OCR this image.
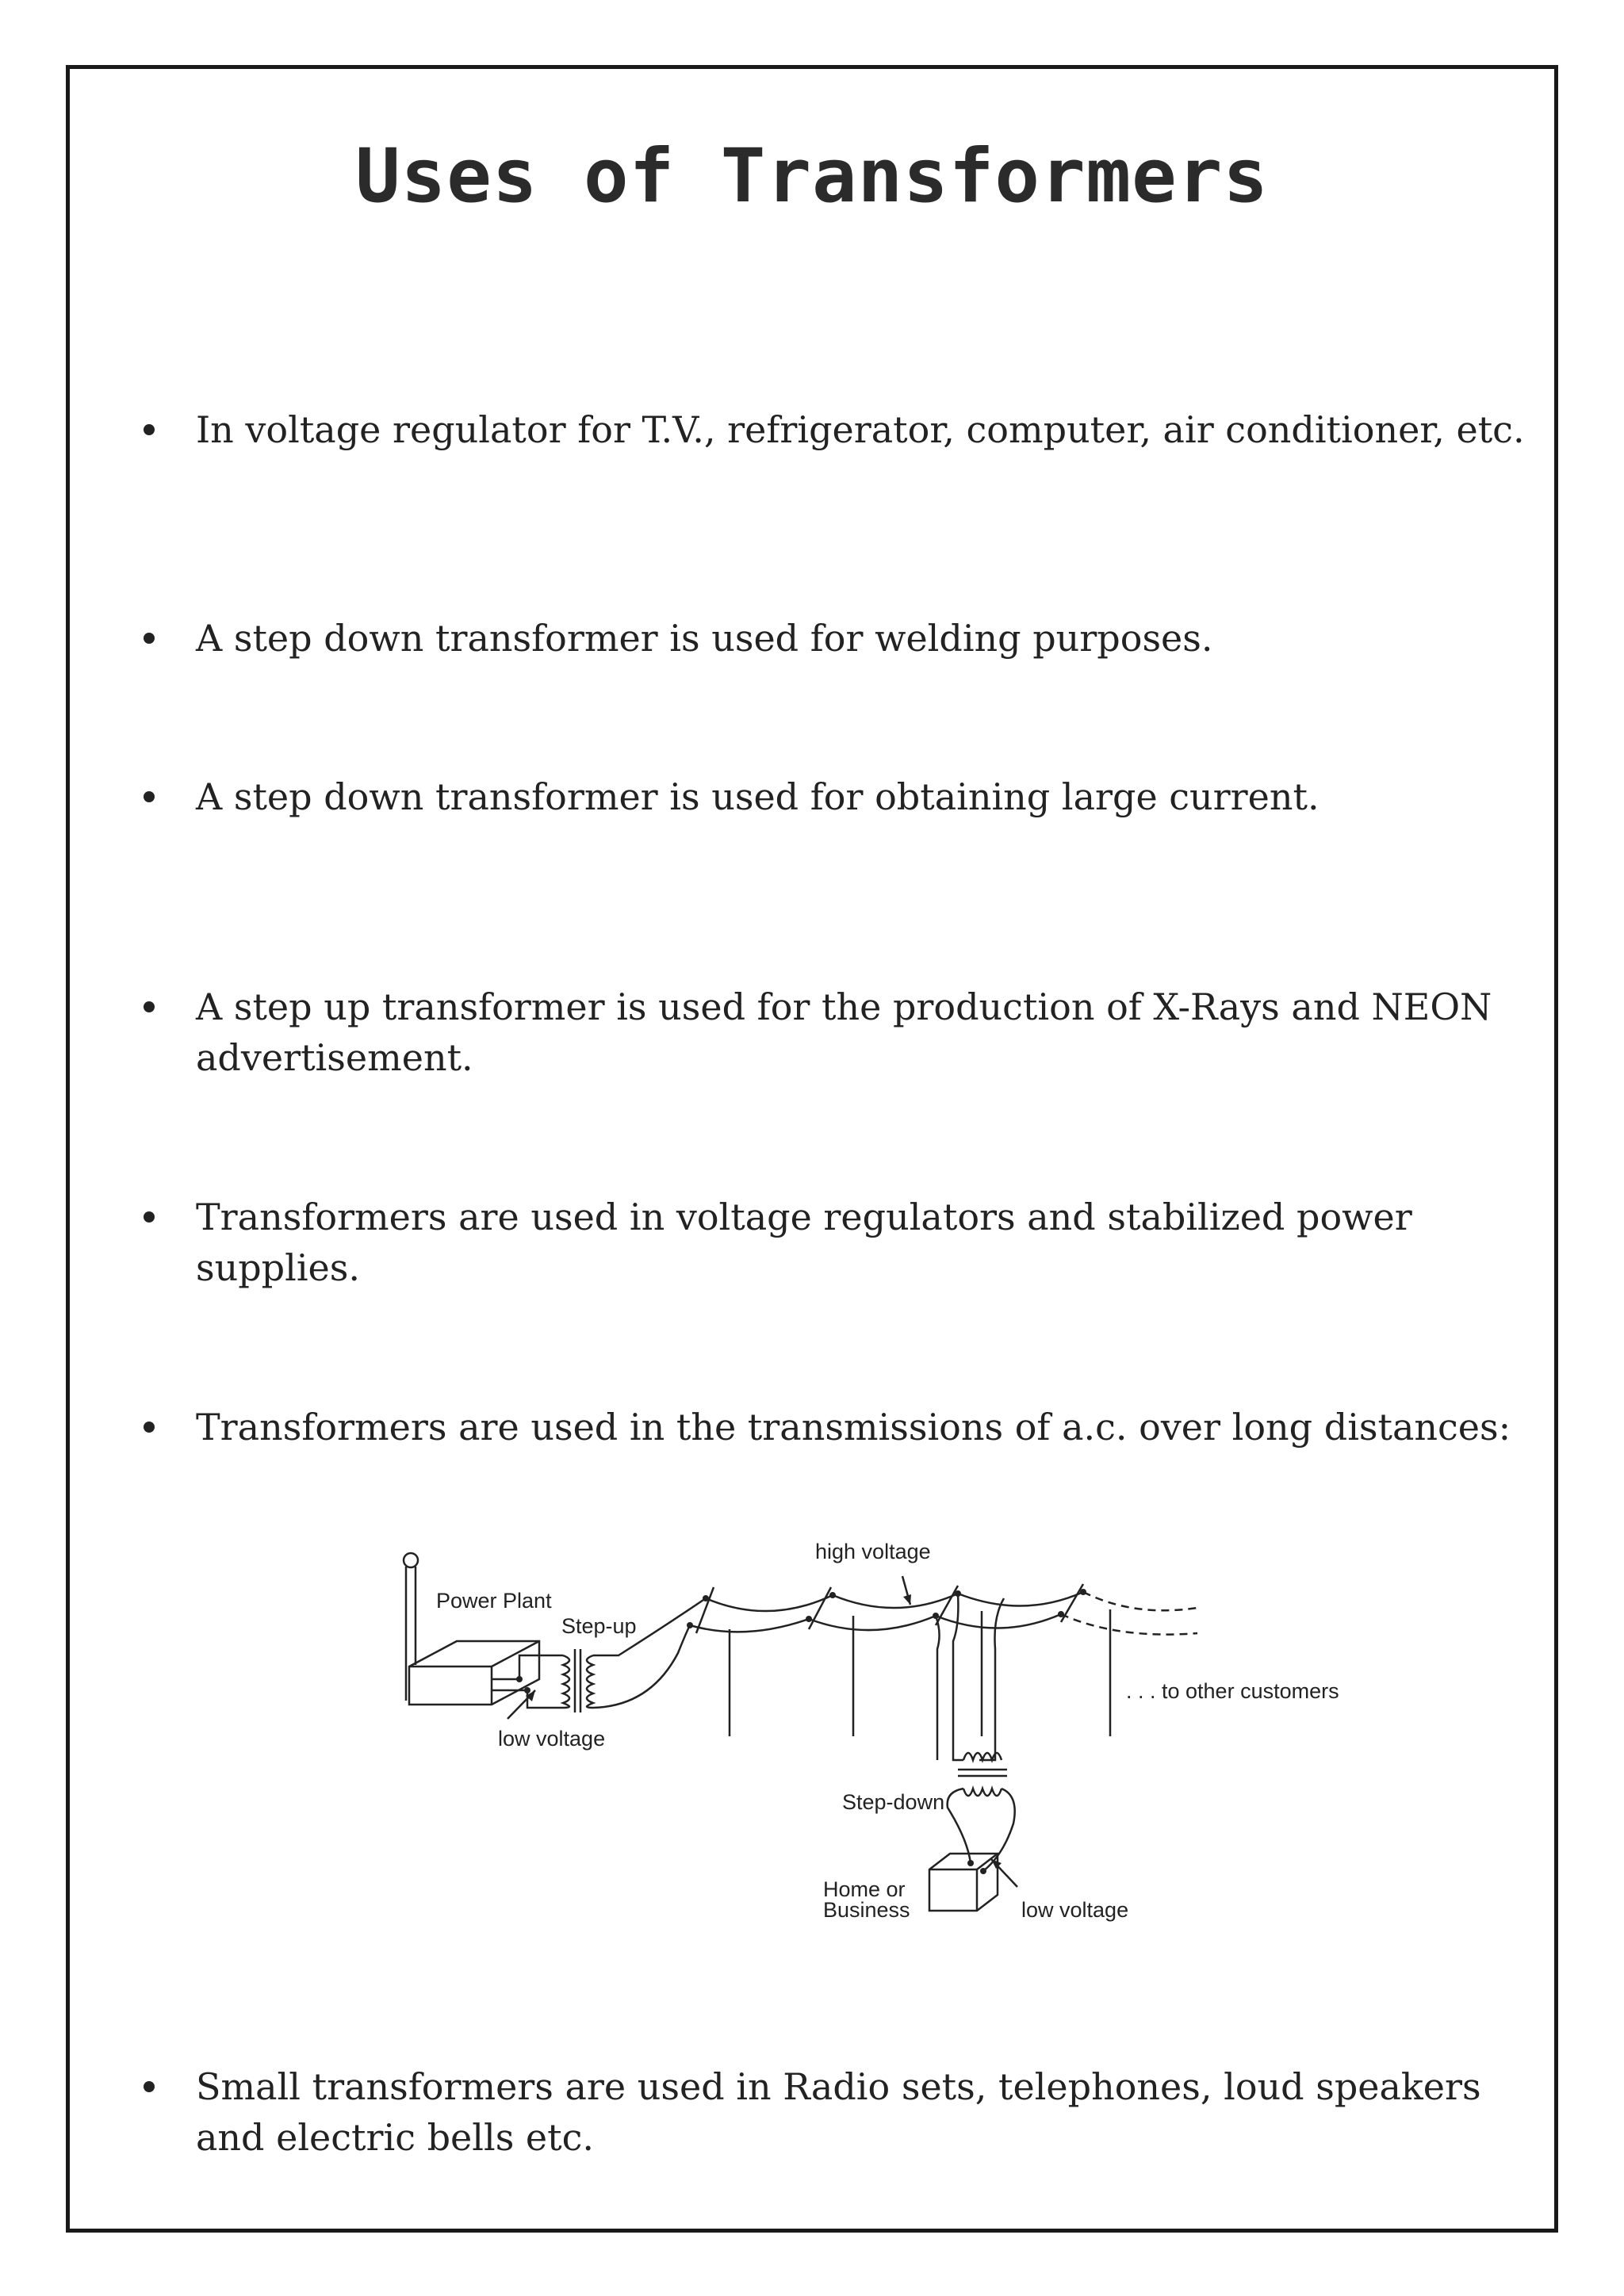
Uses of Transformers
In voltage regulator for T.V., refrigerator, computer, air conditioner, etc.
A step down transformer is used for welding purposes.
A step down transformer is used for obtaining large current.
A step up transformer is used for the production of X-Rays and NEON advertisement.
Transformers are used in voltage regulators and stabilized power supplies.
Transformers are used in the transmissions of a.c. over long distances:
Power Plant
Step-up
low voltage
high voltage
. . . to other customers
Step-down
Home or
Business	low voltage
Small transformers are used in Radio sets, telephones, loud speakers and electric bells etc.
